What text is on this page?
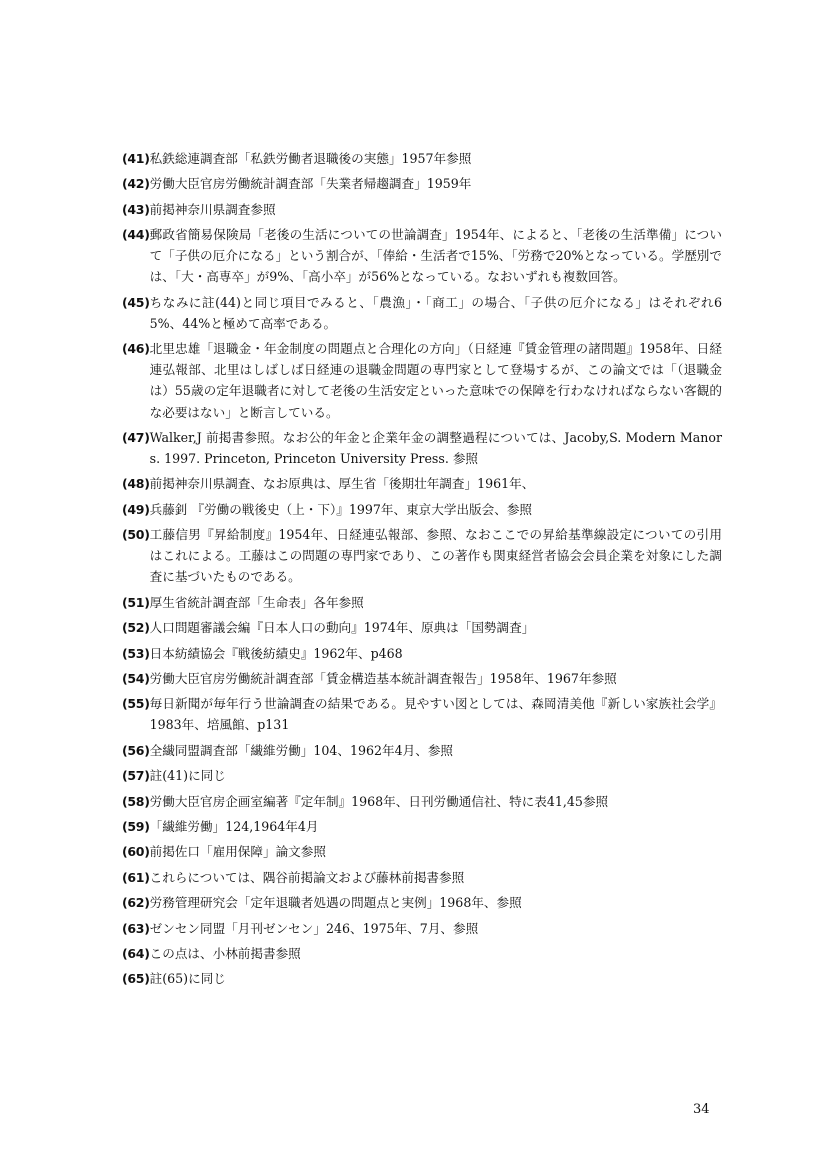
(41) 私鉄総連調査部「私鉄労働者退職後の実態」1957年参照
(42) 労働大臣官房労働統計調査部「失業者帰趨調査」1959年
(43) 前掲神奈川県調査参照
(44) 郵政省簡易保険局「老後の生活についての世論調査」1954年、によると、「老後の生活準備」について「子供の厄介になる」という割合が、「俸給・生活者で15%、「労務で20%となっている。学歴別では、「大・高専卒」が9%、「高小卒」が56%となっている。なおいずれも複数回答。
(45) ちなみに註(44)と同じ項目でみると、「農漁」・「商工」の場合、「子供の厄介になる」はそれぞれ65%、44%と極めて高率である。
(46) 北里忠雄「退職金・年金制度の問題点と合理化の方向」（日経連『賃金管理の諸問題』1958年、日経連弘報部、北里はしばしば日経連の退職金問題の専門家として登場するが、この論文では「（退職金は）55歳の定年退職者に対して老後の生活安定といった意味での保障を行わなければならない客観的な必要はない」と断言している。
(47) Walker,J 前掲書参照。なお公的年金と企業年金の調整過程については、Jacoby,S. Modern Manors. 1997. Princeton, Princeton University Press. 参照
(48) 前掲神奈川県調査、なお原典は、厚生省「後期壮年調査」1961年、
(49) 兵藤釗 『労働の戦後史（上・下）』1997年、東京大学出版会、参照
(50) 工藤信男『昇給制度』1954年、日経連弘報部、参照、なおここでの昇給基準線設定についての引用はこれによる。工藤はこの問題の専門家であり、この著作も関東経営者協会会員企業を対象にした調査に基づいたものである。
(51) 厚生省統計調査部「生命表」各年参照
(52) 人口問題審議会編『日本人口の動向』1974年、原典は「国勢調査」
(53) 日本紡績協会『戦後紡績史』1962年、p468
(54) 労働大臣官房労働統計調査部「賃金構造基本統計調査報告」1958年、1967年参照
(55) 毎日新聞が毎年行う世論調査の結果である。見やすい図としては、森岡清美他『新しい家族社会学』1983年、培風館、p131
(56) 全繊同盟調査部「繊維労働」104、1962年4月、参照
(57) 註(41)に同じ
(58) 労働大臣官房企画室編著『定年制』1968年、日刊労働通信社、特に表41,45参照
(59) 「繊維労働」124,1964年4月
(60) 前掲佐口「雇用保障」論文参照
(61) これらについては、隅谷前掲論文および藤林前掲書参照
(62) 労務管理研究会「定年退職者処遇の問題点と実例」1968年、参照
(63) ゼンセン同盟「月刊ゼンセン」246、1975年、7月、参照
(64) この点は、小林前掲書参照
(65) 註(65)に同じ
34
